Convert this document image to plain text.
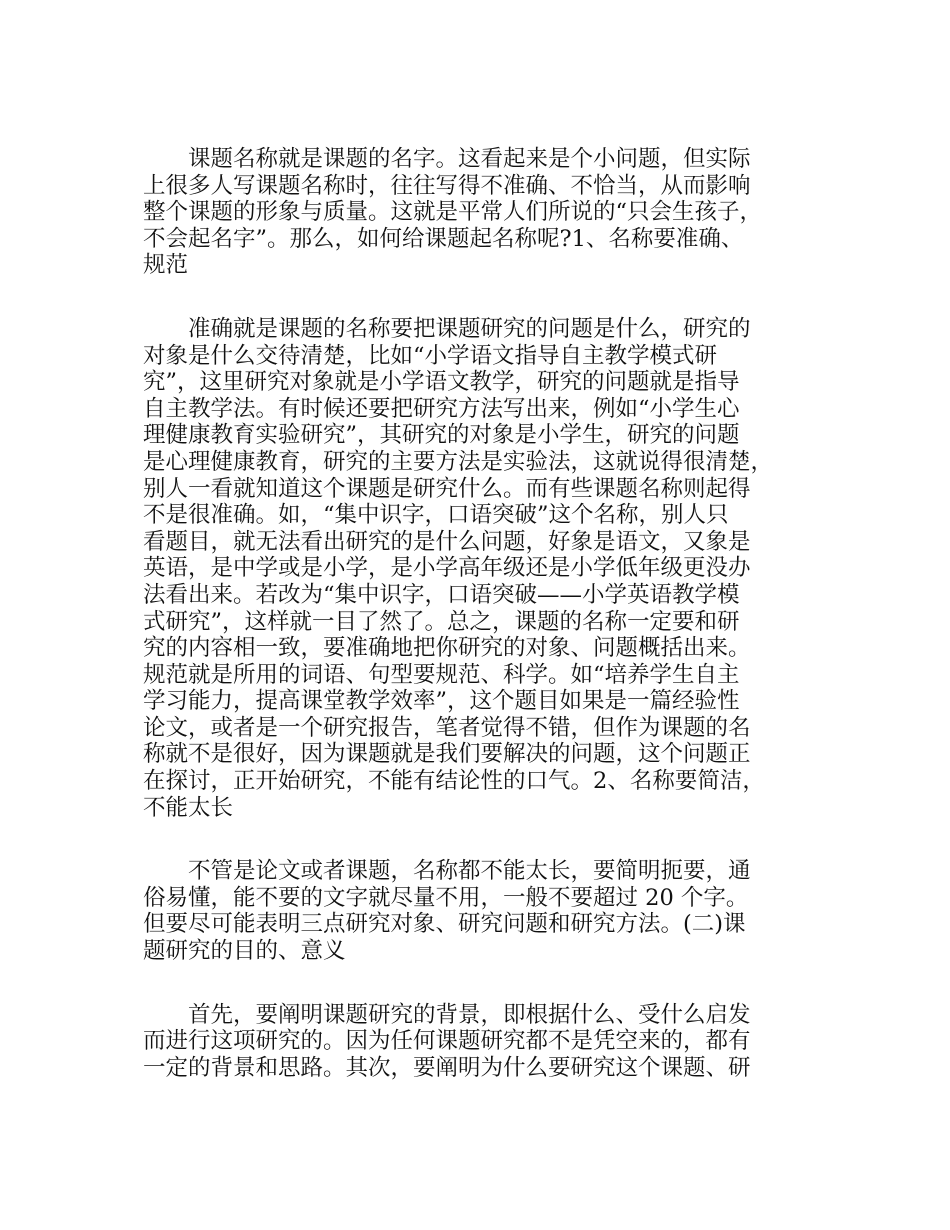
课题名称就是课题的名字。这看起来是个小问题，但实际
上很多人写课题名称时，往往写得不准确、不恰当，从而影响
整个课题的形象与质量。这就是平常人们所说的“只会生孩子，
不会起名字”。那么，如何给课题起名称呢?1、名称要准确、
规范
准确就是课题的名称要把课题研究的问题是什么，研究的
对象是什么交待清楚，比如“小学语文指导自主教学模式研
究”，这里研究对象就是小学语文教学，研究的问题就是指导
自主教学法。有时候还要把研究方法写出来，例如“小学生心
理健康教育实验研究”，其研究的对象是小学生，研究的问题
是心理健康教育，研究的主要方法是实验法，这就说得很清楚，
别人一看就知道这个课题是研究什么。而有些课题名称则起得
不是很准确。如，“集中识字，口语突破”这个名称，别人只
看题目，就无法看出研究的是什么问题，好象是语文，又象是
英语，是中学或是小学，是小学高年级还是小学低年级更没办
法看出来。若改为“集中识字，口语突破——小学英语教学模
式研究”，这样就一目了然了。总之，课题的名称一定要和研
究的内容相一致，要准确地把你研究的对象、问题概括出来。
规范就是所用的词语、句型要规范、科学。如“培养学生自主
学习能力，提高课堂教学效率”，这个题目如果是一篇经验性
论文，或者是一个研究报告，笔者觉得不错，但作为课题的名
称就不是很好，因为课题就是我们要解决的问题，这个问题正
在探讨，正开始研究，不能有结论性的口气。2、名称要简洁，
不能太长
不管是论文或者课题，名称都不能太长，要简明扼要，通
俗易懂，能不要的文字就尽量不用，一般不要超过 20 个字。
但要尽可能表明三点研究对象、研究问题和研究方法。(二)课
题研究的目的、意义
首先，要阐明课题研究的背景，即根据什么、受什么启发
而进行这项研究的。因为任何课题研究都不是凭空来的，都有
一定的背景和思路。其次，要阐明为什么要研究这个课题、研
